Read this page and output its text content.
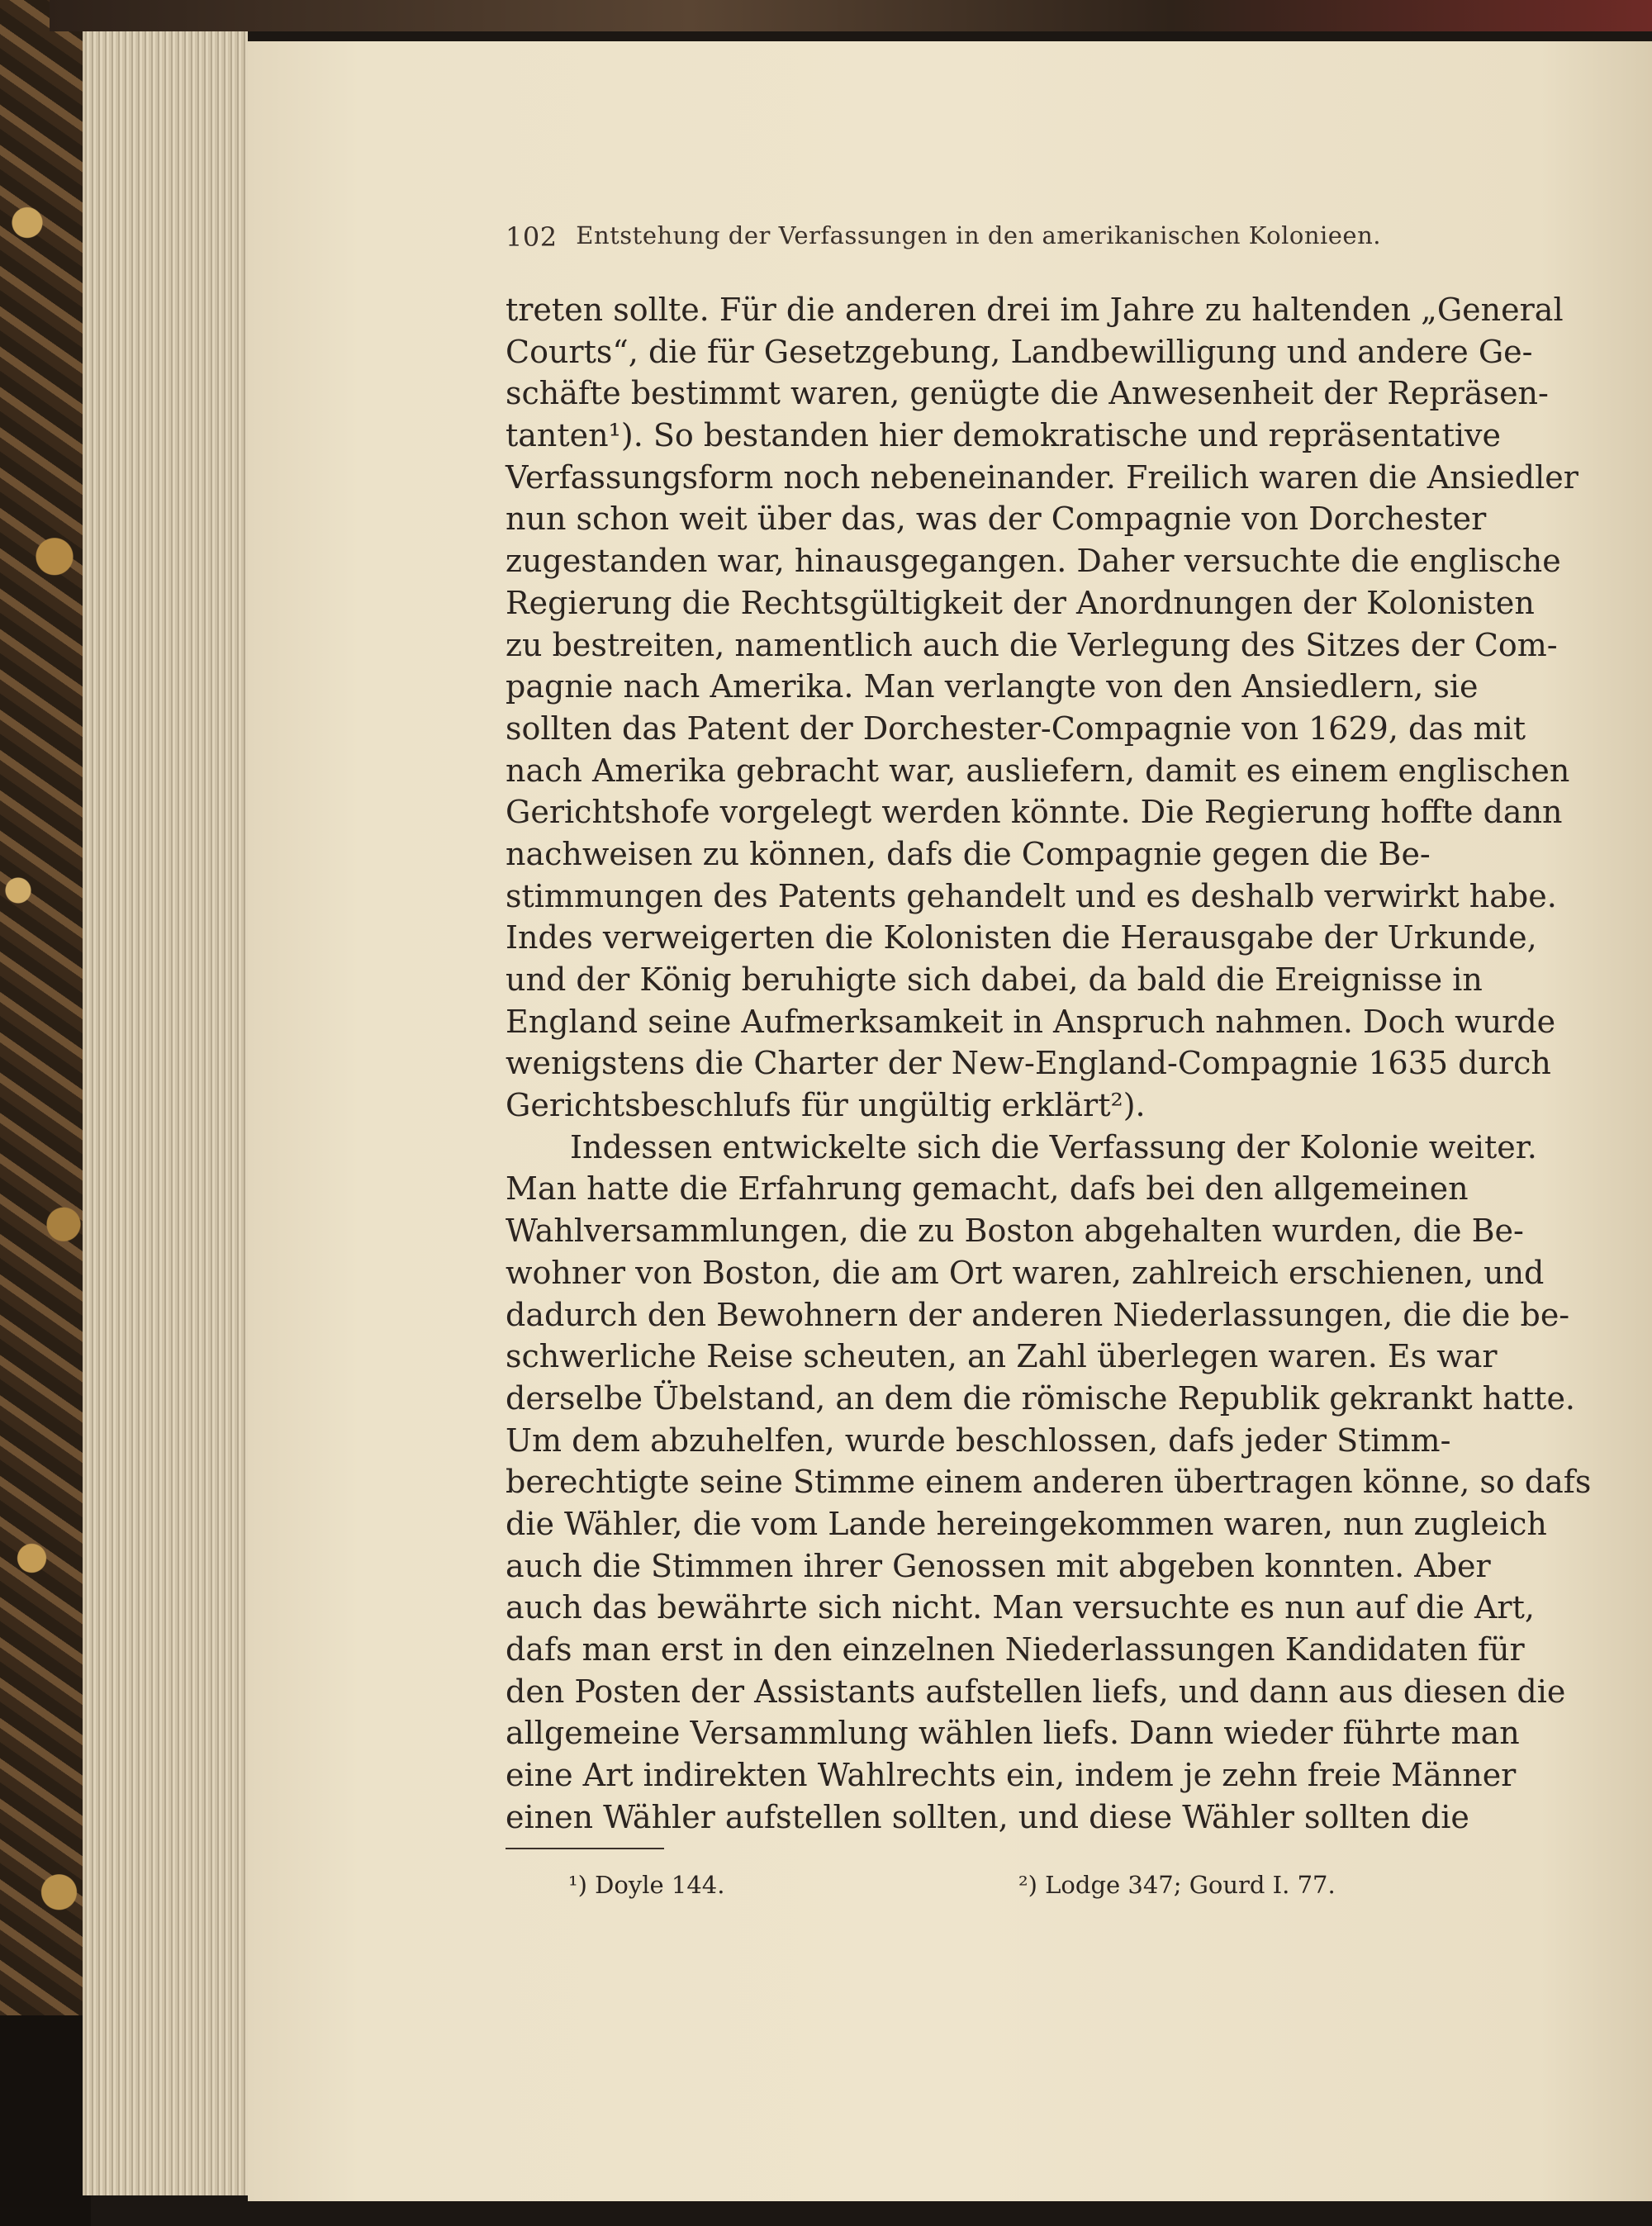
102 Entstehung der Verfassungen in den amerikanischen Kolonieen.
treten sollte. Für die anderen drei im Jahre zu haltenden „General
Courts“, die für Gesetzgebung, Landbewilligung und andere Ge-
schäfte bestimmt waren, genügte die Anwesenheit der Repräsen-
tanten¹). So bestanden hier demokratische und repräsentative
Verfassungsform noch nebeneinander. Freilich waren die Ansiedler
nun schon weit über das, was der Compagnie von Dorchester
zugestanden war, hinausgegangen. Daher versuchte die englische
Regierung die Rechtsgültigkeit der Anordnungen der Kolonisten
zu bestreiten, namentlich auch die Verlegung des Sitzes der Com-
pagnie nach Amerika. Man verlangte von den Ansiedlern, sie
sollten das Patent der Dorchester-Compagnie von 1629, das mit
nach Amerika gebracht war, ausliefern, damit es einem englischen
Gerichtshofe vorgelegt werden könnte. Die Regierung hoffte dann
nachweisen zu können, dafs die Compagnie gegen die Be-
stimmungen des Patents gehandelt und es deshalb verwirkt habe.
Indes verweigerten die Kolonisten die Herausgabe der Urkunde,
und der König beruhigte sich dabei, da bald die Ereignisse in
England seine Aufmerksamkeit in Anspruch nahmen. Doch wurde
wenigstens die Charter der New-England-Compagnie 1635 durch
Gerichtsbeschlufs für ungültig erklärt²).
Indessen entwickelte sich die Verfassung der Kolonie weiter.
Man hatte die Erfahrung gemacht, dafs bei den allgemeinen
Wahlversammlungen, die zu Boston abgehalten wurden, die Be-
wohner von Boston, die am Ort waren, zahlreich erschienen, und
dadurch den Bewohnern der anderen Niederlassungen, die die be-
schwerliche Reise scheuten, an Zahl überlegen waren. Es war
derselbe Übelstand, an dem die römische Republik gekrankt hatte.
Um dem abzuhelfen, wurde beschlossen, dafs jeder Stimm-
berechtigte seine Stimme einem anderen übertragen könne, so dafs
die Wähler, die vom Lande hereingekommen waren, nun zugleich
auch die Stimmen ihrer Genossen mit abgeben konnten. Aber
auch das bewährte sich nicht. Man versuchte es nun auf die Art,
dafs man erst in den einzelnen Niederlassungen Kandidaten für
den Posten der Assistants aufstellen liefs, und dann aus diesen die
allgemeine Versammlung wählen liefs. Dann wieder führte man
eine Art indirekten Wahlrechts ein, indem je zehn freie Männer
einen Wähler aufstellen sollten, und diese Wähler sollten die
¹) Doyle 144.	²) Lodge 347; Gourd I. 77.
